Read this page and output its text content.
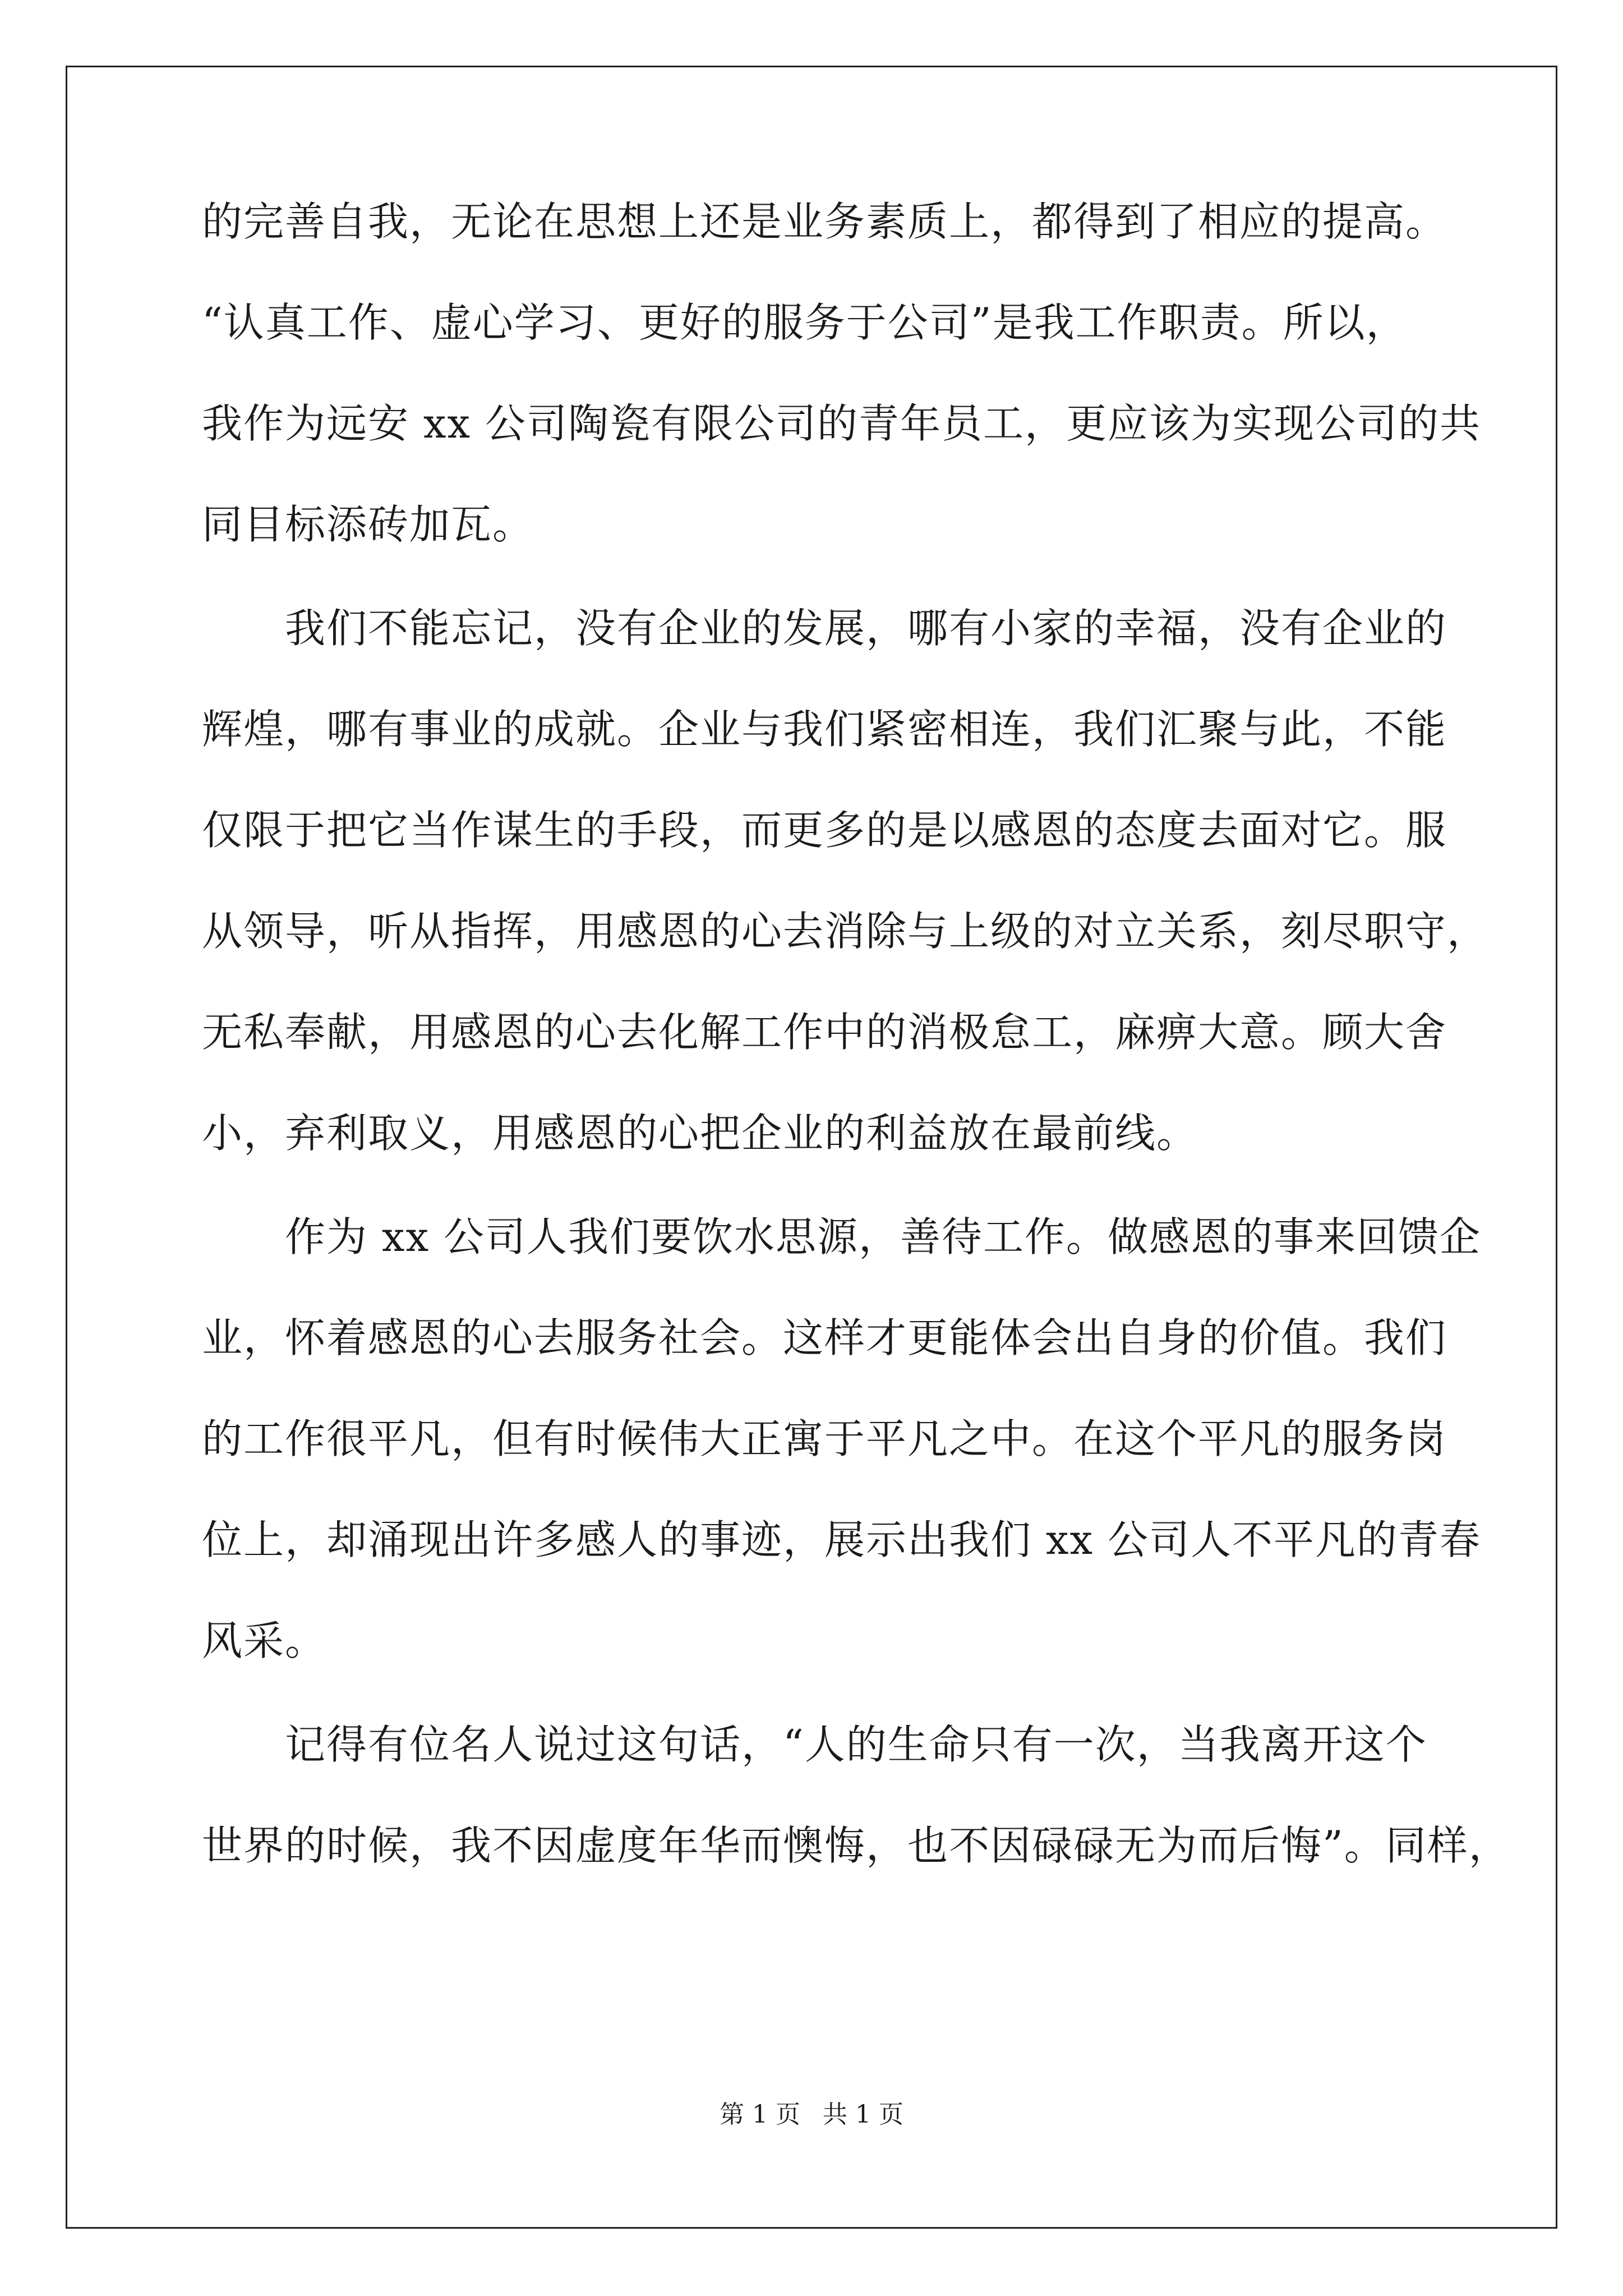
的完善自我，无论在思想上还是业务素质上，都得到了相应的提高。
“认真工作、虚心学习、更好的服务于公司”是我工作职责。所以，
我作为远安 xx 公司陶瓷有限公司的青年员工，更应该为实现公司的共
同目标添砖加瓦。
　　我们不能忘记，没有企业的发展，哪有小家的幸福，没有企业的
辉煌，哪有事业的成就。企业与我们紧密相连，我们汇聚与此，不能
仅限于把它当作谋生的手段，而更多的是以感恩的态度去面对它。服
从领导，听从指挥，用感恩的心去消除与上级的对立关系，刻尽职守，
无私奉献，用感恩的心去化解工作中的消极怠工，麻痹大意。顾大舍
小，弃利取义，用感恩的心把企业的利益放在最前线。
　　作为 xx 公司人我们要饮水思源，善待工作。做感恩的事来回馈企
业，怀着感恩的心去服务社会。这样才更能体会出自身的价值。我们
的工作很平凡，但有时候伟大正寓于平凡之中。在这个平凡的服务岗
位上，却涌现出许多感人的事迹，展示出我们 xx 公司人不平凡的青春
风采。
　　记得有位名人说过这句话，“人的生命只有一次，当我离开这个
世界的时候，我不因虚度年华而懊悔，也不因碌碌无为而后悔”。同样，
第 1 页 共 1 页
